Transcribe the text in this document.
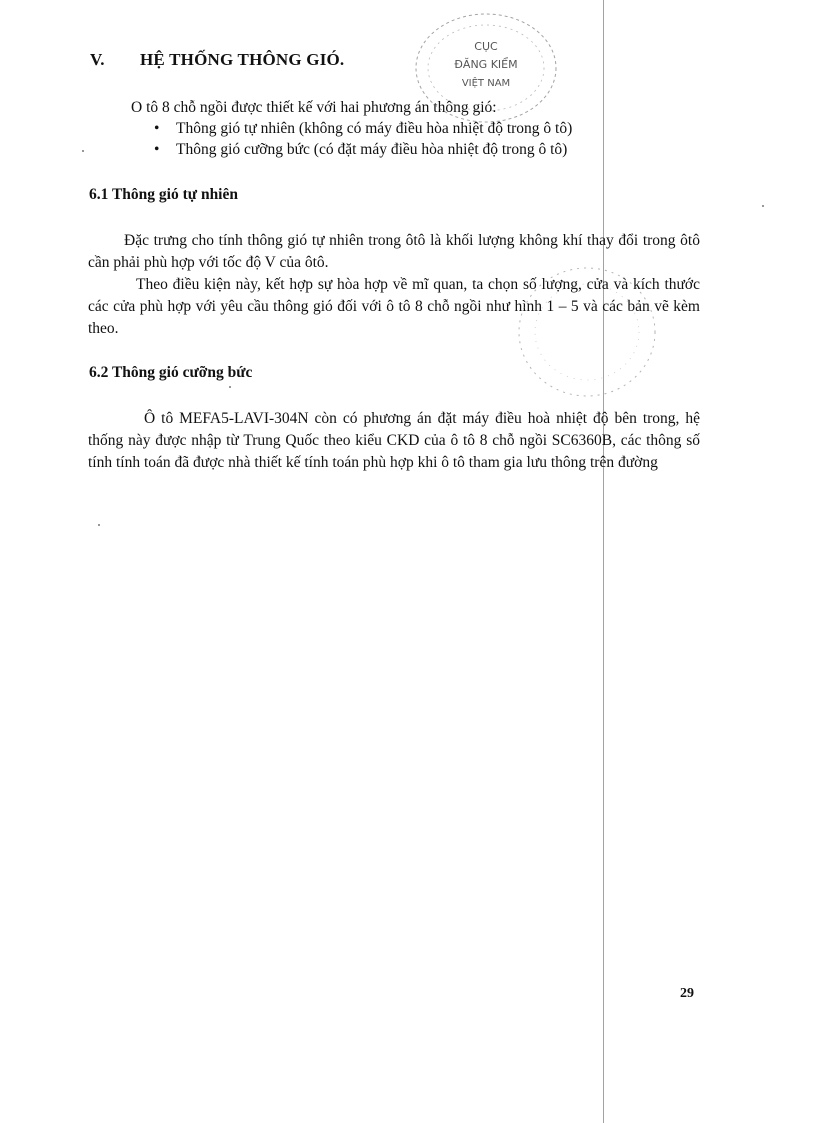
V. HỆ THỐNG THÔNG GIÓ.
O tô 8 chỗ ngồi được thiết kế với hai phương án thông gió:
• Thông gió tự nhiên (không có máy điều hòa nhiệt độ trong ô tô)
• Thông gió cưỡng bức (có đặt máy điều hòa nhiệt độ trong ô tô)
6.1 Thông gió tự nhiên
Đặc trưng cho tính thông gió tự nhiên trong ôtô là khối lượng không khí thay đổi trong ôtô cần phải phù hợp với tốc độ V của ôtô.
Theo điều kiện này, kết hợp sự hòa hợp về mĩ quan, ta chọn số lượng, cửa và kích thước các cửa phù hợp với yêu cầu thông gió đối với ô tô 8 chỗ ngồi như hình 1 – 5 và các bản vẽ kèm theo.
6.2 Thông gió cưỡng bức
Ô tô MEFA5-LAVI-304N còn có phương án đặt máy điều hoà nhiệt độ bên trong, hệ thống này được nhập từ Trung Quốc theo kiểu CKD của ô tô 8 chỗ ngồi SC6360B, các thông số tính tính toán đã được nhà thiết kế tính toán phù hợp khi ô tô tham gia lưu thông trên đường
29
CỤC
ĐĂNG KIỂM
VIỆT NAM
